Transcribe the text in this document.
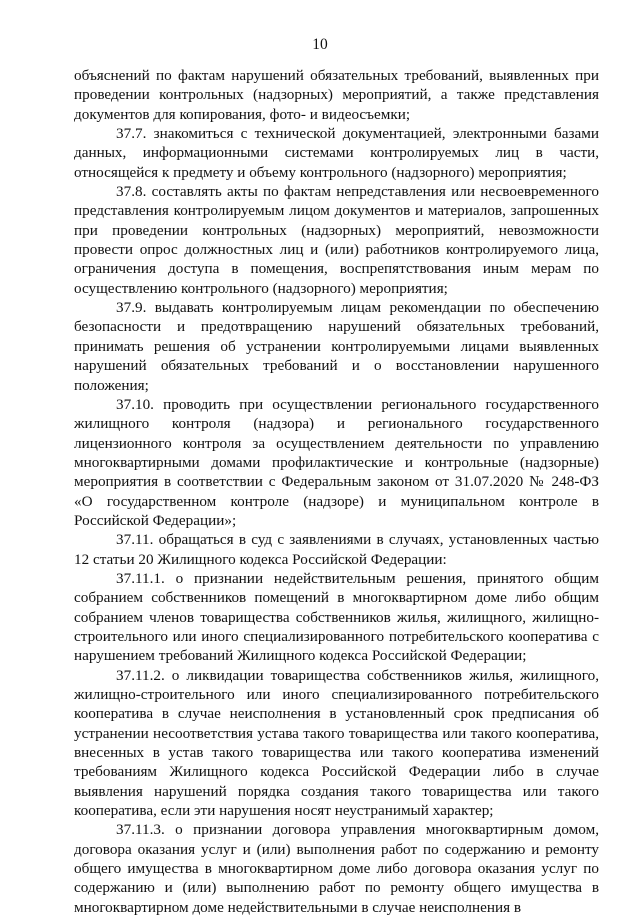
10

объяснений по фактам нарушений обязательных требований, выявленных при проведении контрольных (надзорных) мероприятий, а также представления документов для копирования, фото- и видеосъемки;

37.7. знакомиться с технической документацией, электронными базами данных, информационными системами контролируемых лиц в части, относящейся к предмету и объему контрольного (надзорного) мероприятия;

37.8. составлять акты по фактам непредставления или несвоевременного представления контролируемым лицом документов и материалов, запрошенных при проведении контрольных (надзорных) мероприятий, невозможности провести опрос должностных лиц и (или) работников контролируемого лица, ограничения доступа в помещения, воспрепятствования иным мерам по осуществлению контрольного (надзорного) мероприятия;

37.9. выдавать контролируемым лицам рекомендации по обеспечению безопасности и предотвращению нарушений обязательных требований, принимать решения об устранении контролируемыми лицами выявленных нарушений обязательных требований и о восстановлении нарушенного положения;

37.10. проводить при осуществлении регионального государственного жилищного контроля (надзора) и регионального государственного лицензионного контроля за осуществлением деятельности по управлению многоквартирными домами профилактические и контрольные (надзорные) мероприятия в соответствии с Федеральным законом от 31.07.2020 № 248-ФЗ «О государственном контроле (надзоре) и муниципальном контроле в Российской Федерации»;

37.11. обращаться в суд с заявлениями в случаях, установленных частью 12 статьи 20 Жилищного кодекса Российской Федерации:

37.11.1. о признании недействительным решения, принятого общим собранием собственников помещений в многоквартирном доме либо общим собранием членов товарищества собственников жилья, жилищного, жилищно-строительного или иного специализированного потребительского кооператива с нарушением требований Жилищного кодекса Российской Федерации;

37.11.2. о ликвидации товарищества собственников жилья, жилищного, жилищно-строительного или иного специализированного потребительского кооператива в случае неисполнения в установленный срок предписания об устранении несоответствия устава такого товарищества или такого кооператива, внесенных в устав такого товарищества или такого кооператива изменений требованиям Жилищного кодекса Российской Федерации либо в случае выявления нарушений порядка создания такого товарищества или такого кооператива, если эти нарушения носят неустранимый характер;

37.11.3. о признании договора управления многоквартирным домом, договора оказания услуг и (или) выполнения работ по содержанию и ремонту общего имущества в многоквартирном доме либо договора оказания услуг по содержанию и (или) выполнению работ по ремонту общего имущества в многоквартирном доме недействительными в случае неисполнения в
